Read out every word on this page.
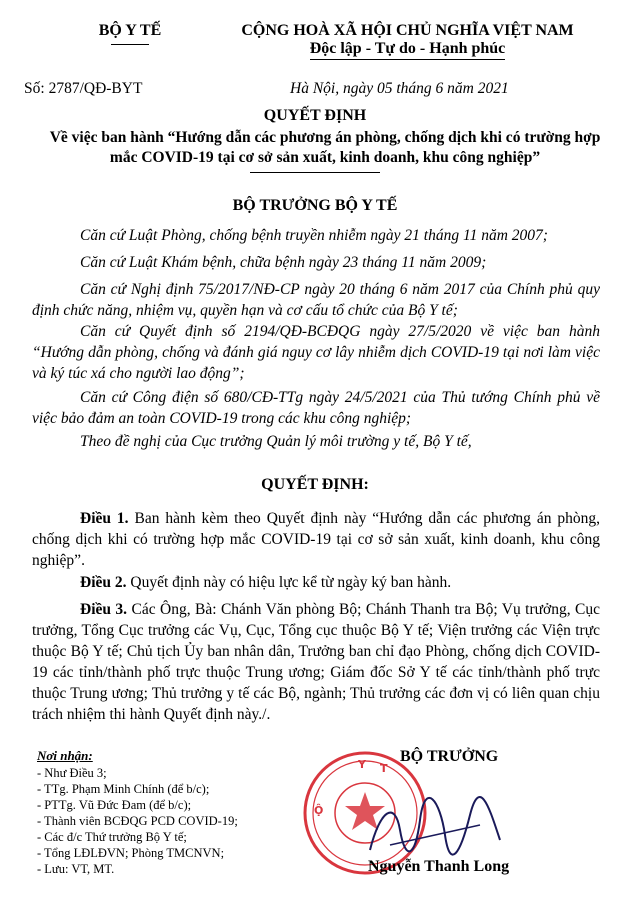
BỘ Y TẾ	CỘNG HOÀ XÃ HỘI CHỦ NGHĨA VIỆT NAM
Độc lập - Tự do - Hạnh phúc
Số: 2787/QĐ-BYT	Hà Nội, ngày 05 tháng 6 năm 2021
QUYẾT ĐỊNH
Về việc ban hành “Hướng dẫn các phương án phòng, chống dịch khi có trường hợp mắc COVID-19 tại cơ sở sản xuất, kinh doanh, khu công nghiệp”
BỘ TRƯỞNG BỘ Y TẾ
Căn cứ Luật Phòng, chống bệnh truyền nhiễm ngày 21 tháng 11 năm 2007;
Căn cứ Luật Khám bệnh, chữa bệnh ngày 23 tháng 11 năm 2009;
Căn cứ Nghị định 75/2017/NĐ-CP ngày 20 tháng 6 năm 2017 của Chính phủ quy định chức năng, nhiệm vụ, quyền hạn và cơ cấu tổ chức của Bộ Y tế;
Căn cứ Quyết định số 2194/QĐ-BCĐQG ngày 27/5/2020 về việc ban hành “Hướng dẫn phòng, chống và đánh giá nguy cơ lây nhiễm dịch COVID-19 tại nơi làm việc và ký túc xá cho người lao động”;
Căn cứ Công điện số 680/CĐ-TTg ngày 24/5/2021 của Thủ tướng Chính phủ về việc bảo đảm an toàn COVID-19 trong các khu công nghiệp;
Theo đề nghị của Cục trưởng Quản lý môi trường y tế, Bộ Y tế,
QUYẾT ĐỊNH:
Điều 1. Ban hành kèm theo Quyết định này “Hướng dẫn các phương án phòng, chống dịch khi có trường hợp mắc COVID-19 tại cơ sở sản xuất, kinh doanh, khu công nghiệp”.
Điều 2. Quyết định này có hiệu lực kể từ ngày ký ban hành.
Điều 3. Các Ông, Bà: Chánh Văn phòng Bộ; Chánh Thanh tra Bộ; Vụ trưởng, Cục trưởng, Tổng Cục trưởng các Vụ, Cục, Tổng cục thuộc Bộ Y tế; Viện trưởng các Viện trực thuộc Bộ Y tế; Chủ tịch Ủy ban nhân dân, Trưởng ban chỉ đạo Phòng, chống dịch COVID-19 các tỉnh/thành phố trực thuộc Trung ương; Giám đốc Sở Y tế các tỉnh/thành phố trực thuộc Trung ương; Thủ trưởng y tế các Bộ, ngành; Thủ trưởng các đơn vị có liên quan chịu trách nhiệm thi hành Quyết định này./.
Nơi nhận:
- Như Điều 3;
- TTg. Phạm Minh Chính (để b/c);
- PTTg. Vũ Đức Đam (để b/c);
- Thành viên BCĐQG PCD COVID-19;
- Các đ/c Thứ trưởng Bộ Y tế;
- Tổng LĐLĐVN; Phòng TMCNVN;
- Lưu: VT, MT.
Y T
Ộ
BỘ TRƯỞNG
Nguyễn Thanh Long
